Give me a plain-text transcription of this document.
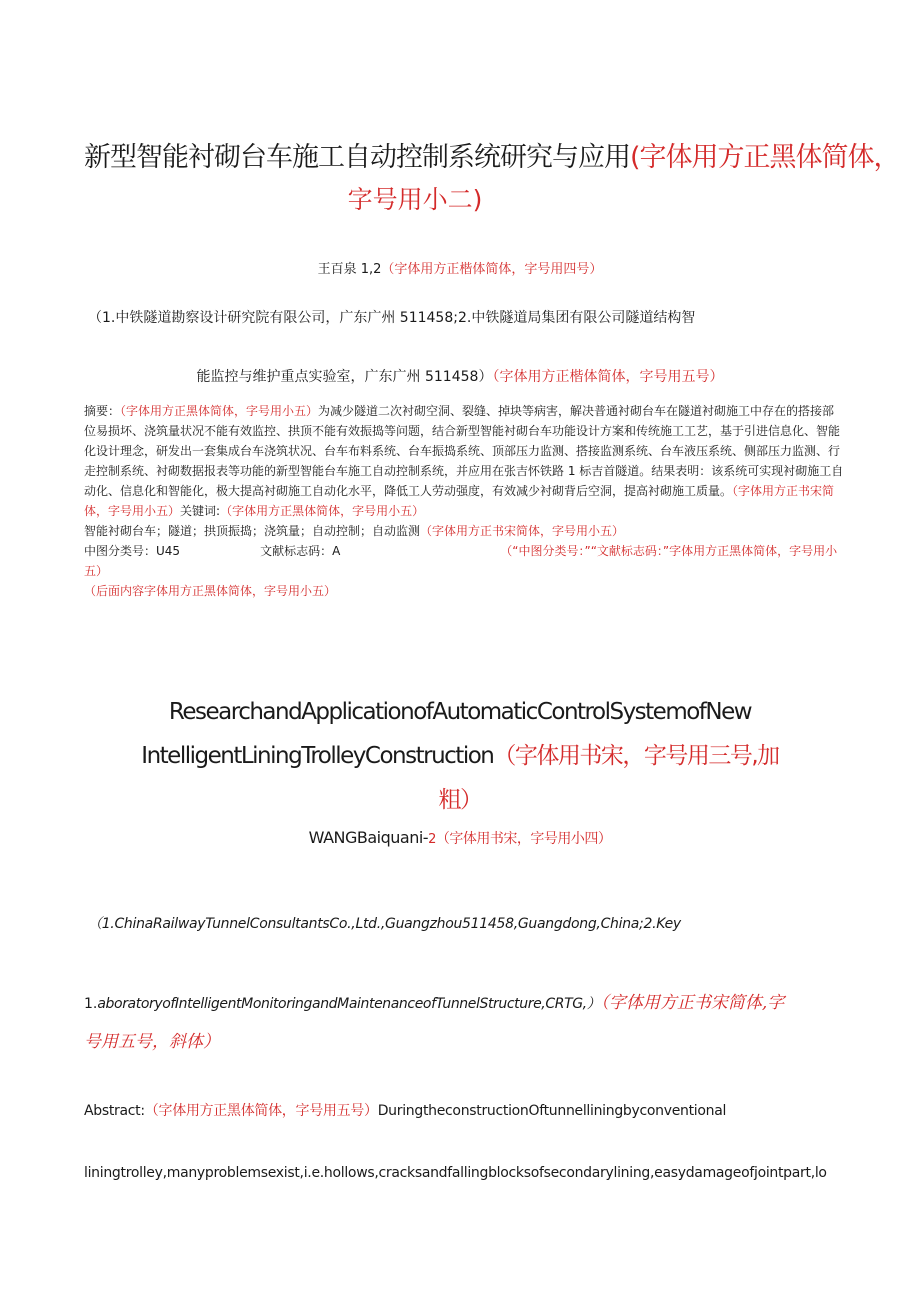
新型智能衬砌台车施工自动控制系统研究与应用(字体用方正黑体简体，
字号用小二)
王百泉 1,2（字体用方正楷体简体，字号用四号）
（1.中铁隧道勘察设计研究院有限公司，广东广州 511458;2.中铁隧道局集团有限公司隧道结构智
能监控与维护重点实验室，广东广州 511458）（字体用方正楷体简体，字号用五号）
摘要：（字体用方正黑体简体，字号用小五）为减少隧道二次衬砌空洞、裂缝、掉块等病害，解决普通衬砌台车在隧道衬砌施工中存在的搭接部位易损坏、浇筑量状况不能有效监控、拱顶不能有效振捣等问题，结合新型智能衬砌台车功能设计方案和传统施工工艺，基于引进信息化、智能化设计理念，研发出一套集成台车浇筑状况、台车布料系统、台车振捣系统、顶部压力监测、搭接监测系统、台车液压系统、侧部压力监测、行走控制系统、衬砌数据报表等功能的新型智能台车施工自动控制系统，并应用在张吉怀铁路 1 标吉首隧道。结果表明：该系统可实现衬砌施工自动化、信息化和智能化，极大提高衬砌施工自动化水平，降低工人劳动强度，有效减少衬砌背后空洞，提高衬砌施工质量。（字体用方正书宋简体，字号用小五）关键词:（字体用方正黑体简体，字号用小五）
智能衬砌台车；隧道；拱顶振捣；浇筑量；自动控制；自动监测（字体用方正书宋简体，字号用小五）
中图分类号：U45	文献标志码：A	（“中图分类号：”“文献标志码：”字体用方正黑体简体，字号用小五）
（后面内容字体用方正黑体简体，字号用小五）
ResearchandApplicationofAutomaticControlSystemofNew
IntelligentLiningTrolleyConstruction（字体用书宋，字号用三号,加
粗）
WANGBaiquani-2（字体用书宋，字号用小四）
（1.ChinaRailwayTunnelConsultantsCo.,Ltd.,Guangzhou511458,Guangdong,China;2.Key
1.aboratoryofIntelligentMonitoringandMaintenanceofTunnelStructure,CRTG,）（字体用方正书宋简体,字
号用五号，斜体）
Abstract:（字体用方正黑体简体，字号用五号）DuringtheconstructionOftunnelliningbyconventional
liningtrolley,manyproblemsexist,i.e.hollows,cracksandfallingblocksofsecondarylining,easydamageofjointpart,lo
